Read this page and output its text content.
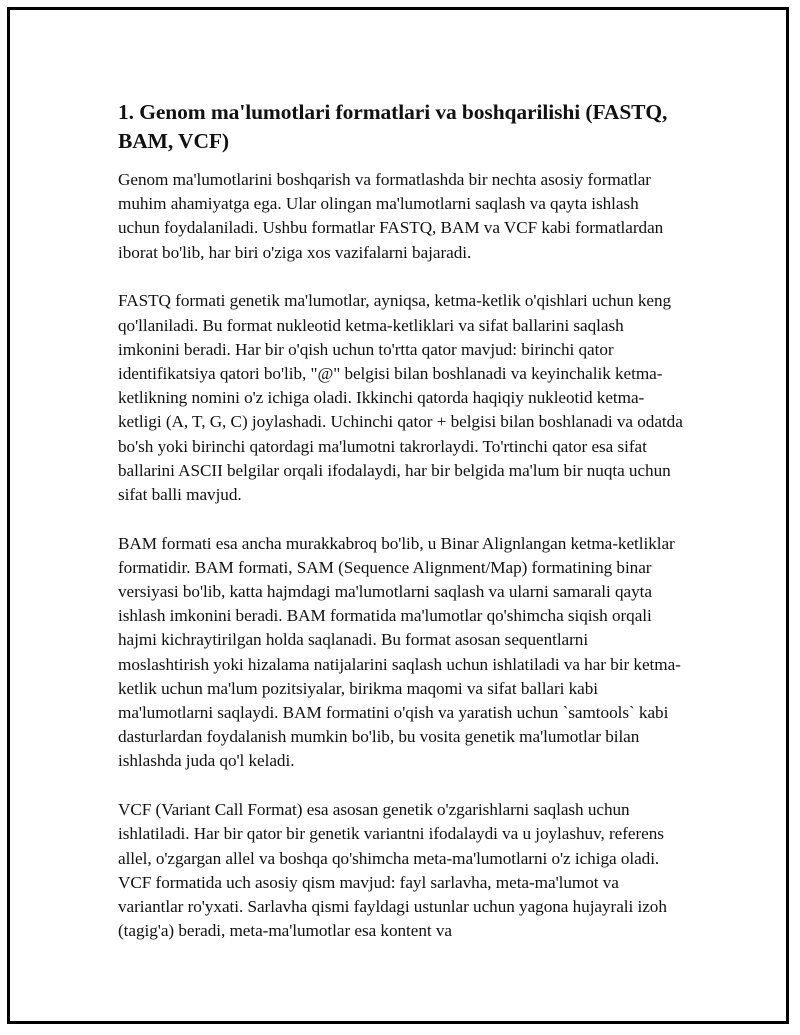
1. Genom ma'lumotlari formatlari va boshqarilishi (FASTQ, BAM, VCF)

Genom ma'lumotlarini boshqarish va formatlashda bir nechta asosiy formatlar muhim ahamiyatga ega. Ular olingan ma'lumotlarni saqlash va qayta ishlash uchun foydalaniladi. Ushbu formatlar FASTQ, BAM va VCF kabi formatlardan iborat bo'lib, har biri o'ziga xos vazifalarni bajaradi.

FASTQ formati genetik ma'lumotlar, ayniqsa, ketma-ketlik o'qishlari uchun keng qo'llaniladi. Bu format nukleotid ketma-ketliklari va sifat ballarini saqlash imkonini beradi. Har bir o'qish uchun to'rtta qator mavjud: birinchi qator identifikatsiya qatori bo'lib, "@" belgisi bilan boshlanadi va keyinchalik ketma-ketlikning nomini o'z ichiga oladi. Ikkinchi qatorda haqiqiy nukleotid ketma-ketligi (A, T, G, C) joylashadi. Uchinchi qator + belgisi bilan boshlanadi va odatda bo'sh yoki birinchi qatordagi ma'lumotni takrorlaydi. To'rtinchi qator esa sifat ballarini ASCII belgilar orqali ifodalaydi, har bir belgida ma'lum bir nuqta uchun sifat balli mavjud.

BAM formati esa ancha murakkabroq bo'lib, u Binar Alignlangan ketma-ketliklar formatidir. BAM formati, SAM (Sequence Alignment/Map) formatining binar versiyasi bo'lib, katta hajmdagi ma'lumotlarni saqlash va ularni samarali qayta ishlash imkonini beradi. BAM formatida ma'lumotlar qo'shimcha siqish orqali hajmi kichraytirilgan holda saqlanadi. Bu format asosan sequentlarni moslashtirish yoki hizalama natijalarini saqlash uchun ishlatiladi va har bir ketma-ketlik uchun ma'lum pozitsiyalar, birikma maqomi va sifat ballari kabi ma'lumotlarni saqlaydi. BAM formatini o'qish va yaratish uchun `samtools` kabi dasturlardan foydalanish mumkin bo'lib, bu vosita genetik ma'lumotlar bilan ishlashda juda qo'l keladi.

VCF (Variant Call Format) esa asosan genetik o'zgarishlarni saqlash uchun ishlatiladi. Har bir qator bir genetik variantni ifodalaydi va u joylashuv, referens allel, o'zgargan allel va boshqa qo'shimcha meta-ma'lumotlarni o'z ichiga oladi. VCF formatida uch asosiy qism mavjud: fayl sarlavha, meta-ma'lumot va variantlar ro'yxati. Sarlavha qismi fayldagi ustunlar uchun yagona hujayrali izoh (tagig'a) beradi, meta-ma'lumotlar esa kontent va
